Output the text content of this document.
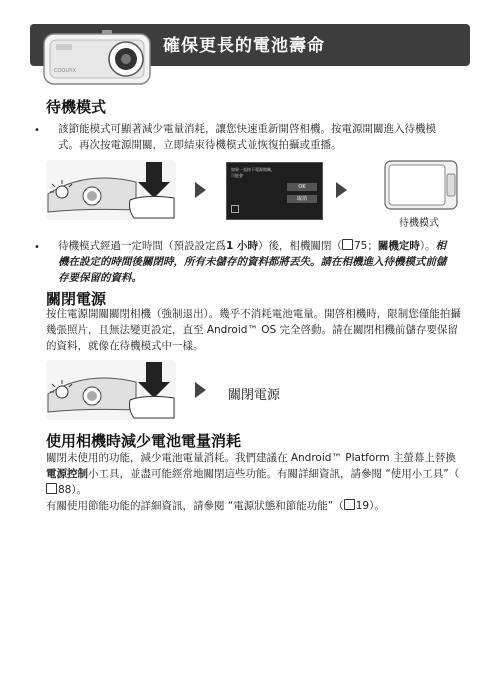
COOLPIX
確保更長的電池壽命
待機模式
• 該節能模式可顯著減少電量消耗，讓您快速重新開啓相機。按電源開關進入待機模式。再次按電源開關，立即結束待機模式並恢復拍攝或重播。

如果一直按下電源開關，
可能會
OK
取消
待機模式
• 待機模式經過一定時間（預設設定爲1 小時）後，相機關閉（ 75；關機定時）。相機在設定的時間後關閉時，所有未儲存的資料都將丟失。請在相機進入待機模式前儲存要保留的資料。

關閉電源

按住電源開關關閉相機（強制退出）。幾乎不消耗電池電量。開啓相機時，限制您僅能拍攝幾張照片，且無法變更設定，直至 Android™ OS 完全啓動。請在關閉相機前儲存要保留的資料，就像在待機模式中一樣。

關閉電源
使用相機時減少電池電量消耗

關閉未使用的功能，減少電池電量消耗。我們建議在 Android™ Platform 主螢幕上替換電源控制小工具，並盡可能經常地關閉這些功能。有關詳細資訊，請參閱 “使用小工具”（88）。
有關使用節能功能的詳細資訊，請參閱 “電源狀態和節能功能”（ 19）。
